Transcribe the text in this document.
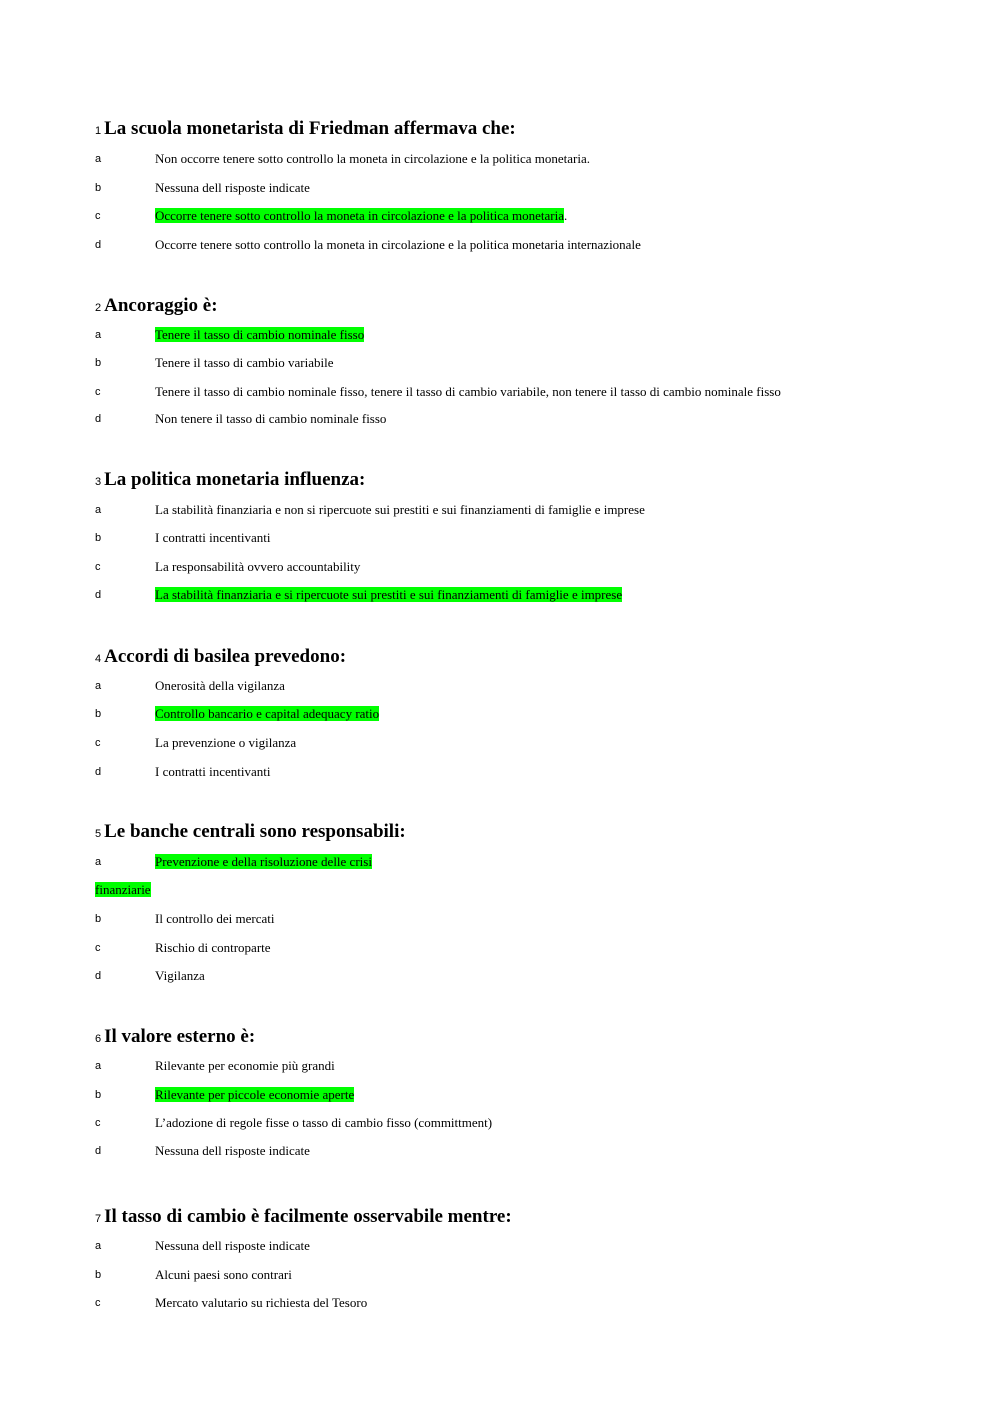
1 La scuola monetarista di Friedman affermava che:
a	Non occorre tenere sotto controllo la moneta in circolazione e la politica monetaria.
b	Nessuna dell risposte indicate
c	Occorre tenere sotto controllo la moneta in circolazione e la politica monetaria.
d	Occorre tenere sotto controllo la moneta in circolazione e la politica monetaria internazionale
2 Ancoraggio è:
a	Tenere il tasso di cambio nominale fisso
b	Tenere il tasso di cambio variabile
c	Tenere il tasso di cambio nominale fisso, tenere il tasso di cambio variabile, non tenere il tasso di cambio nominale fisso
d	Non tenere il tasso di cambio nominale fisso
3 La politica monetaria influenza:
a	La stabilità finanziaria e non si ripercuote sui prestiti e sui finanziamenti di famiglie e imprese
b	I contratti incentivanti
c	La responsabilità ovvero accountability
d	La stabilità finanziaria e si ripercuote sui prestiti e sui finanziamenti di famiglie e imprese
4 Accordi di basilea prevedono:
a	Onerosità della vigilanza
b	Controllo bancario e capital adequacy ratio
c	La prevenzione o vigilanza
d	I contratti incentivanti
5 Le banche centrali sono responsabili:
a	Prevenzione e della risoluzione delle crisi
finanziarie
b	Il controllo dei mercati
c	Rischio di controparte
d	Vigilanza
6 Il valore esterno è:
a	Rilevante per economie più grandi
b	Rilevante per piccole economie aperte
c	L’adozione di regole fisse o tasso di cambio fisso (committment)
d	Nessuna dell risposte indicate
7 Il tasso di cambio è facilmente osservabile mentre:
a	Nessuna dell risposte indicate
b	Alcuni paesi sono contrari
c	Mercato valutario su richiesta del Tesoro
